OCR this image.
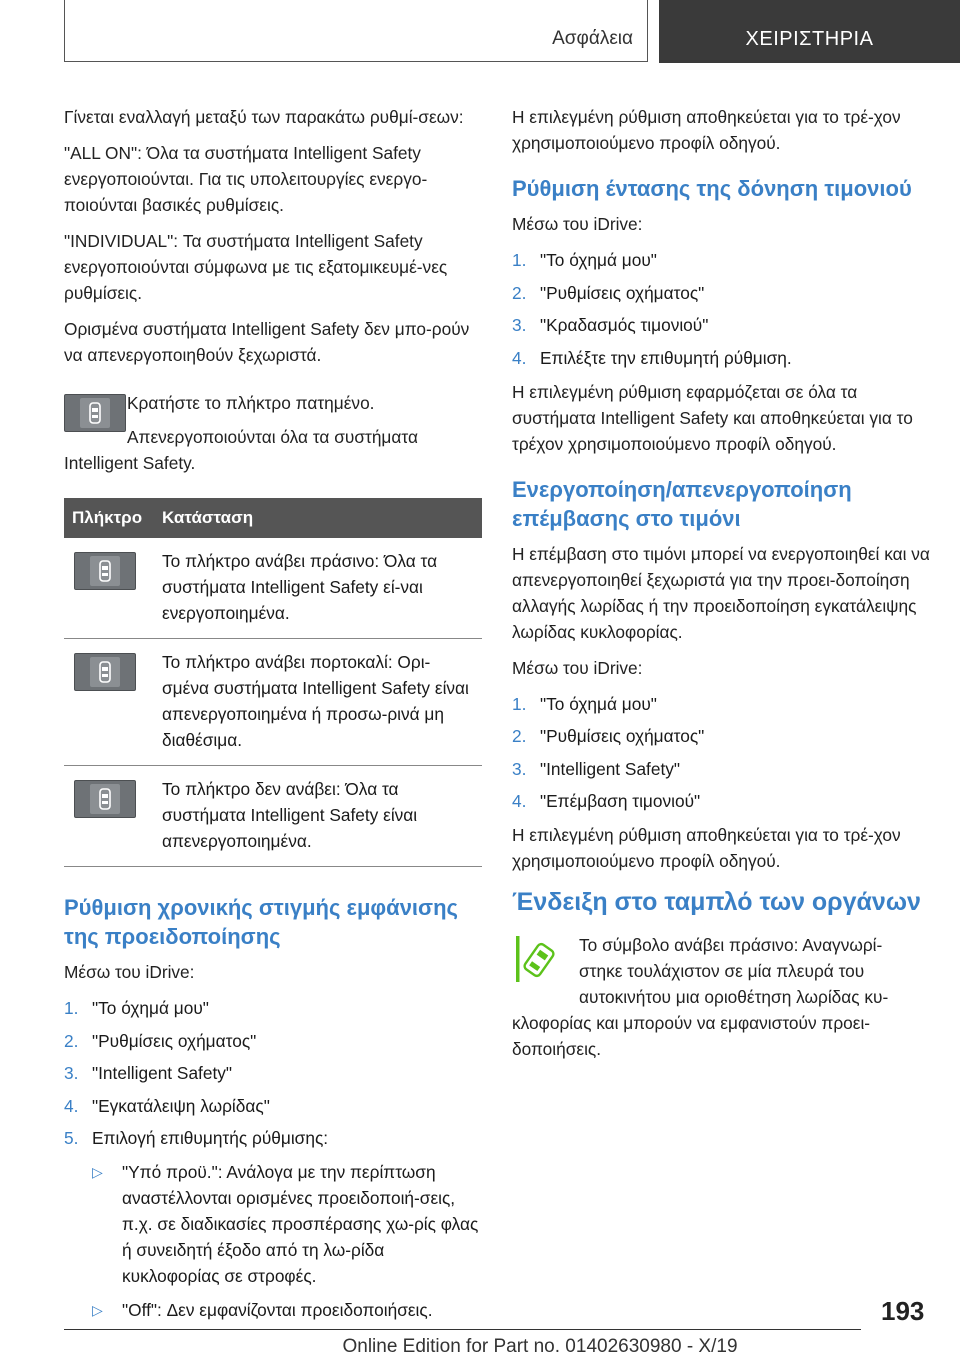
Ασφάλεια	ΧΕΙΡΙΣΤΗΡΙΑ

Γίνεται εναλλαγή μεταξύ των παρακάτω ρυθμί-σεων:

"ALL ON": Όλα τα συστήματα Intelligent Safety ενεργοποιούνται. Για τις υπολειτουργίες ενεργο-ποιούνται βασικές ρυθμίσεις.

"INDIVIDUAL": Τα συστήματα Intelligent Safety ενεργοποιούνται σύμφωνα με τις εξατομικευμέ-νες ρυθμίσεις.

Ορισμένα συστήματα Intelligent Safety δεν μπο-ρούν να απενεργοποιηθούν ξεχωριστά.

Κρατήστε το πλήκτρο πατημένο.

Απενεργοποιούνται όλα τα συστήματα

Intelligent Safety.

Πλήκτρο	Κατάσταση

	Το πλήκτρο ανάβει πράσινο: Όλα τα συστήματα Intelligent Safety εί-ναι ενεργοποιημένα.

	Το πλήκτρο ανάβει πορτοκαλί: Ορι-σμένα συστήματα Intelligent Safety είναι απενεργοποιημένα ή προσω-ρινά μη διαθέσιμα.

	Το πλήκτρο δεν ανάβει: Όλα τα συστήματα Intelligent Safety είναι απενεργοποιημένα.
Ρύθμιση χρονικής στιγμής εμφάνισης της προειδοποίησης

Μέσω του iDrive:

1. "Το όχημά μου"
2. "Ρυθμίσεις οχήματος"
3. "Intelligent Safety"
4. "Εγκατάλειψη λωρίδας"
5. Επιλογή επιθυμητής ρύθμισης:
▷	"Υπό προϋ.": Ανάλογα με την περίπτωση αναστέλλονται ορισμένες προειδοποιή-σεις, π.χ. σε διαδικασίες προσπέρασης χω-ρίς φλας ή συνειδητή έξοδο από τη λω-ρίδα κυκλοφορίας σε στροφές.
▷	"Off": Δεν εμφανίζονται προειδοποιήσεις.

Η επιλεγμένη ρύθμιση αποθηκεύεται για το τρέ-χον χρησιμοποιούμενο προφίλ οδηγού.

Ρύθμιση έντασης της δόνηση τιμονιού

Μέσω του iDrive:

1. "Το όχημά μου"
2. "Ρυθμίσεις οχήματος"
3. "Κραδασμός τιμονιού"
4. Επιλέξτε την επιθυμητή ρύθμιση.

Η επιλεγμένη ρύθμιση εφαρμόζεται σε όλα τα συστήματα Intelligent Safety και αποθηκεύεται για το τρέχον χρησιμοποιούμενο προφίλ οδηγού.

Ενεργοποίηση/απενεργοποίηση επέμβασης στο τιμόνι

Η επέμβαση στο τιμόνι μπορεί να ενεργοποιηθεί και να απενεργοποιηθεί ξεχωριστά για την προει-δοποίηση αλλαγής λωρίδας ή την προειδοποίηση εγκατάλειψης λωρίδας κυκλοφορίας.

Μέσω του iDrive:

1. "Το όχημά μου"
2. "Ρυθμίσεις οχήματος"
3. "Intelligent Safety"
4. "Επέμβαση τιμονιού"

Η επιλεγμένη ρύθμιση αποθηκεύεται για το τρέ-χον χρησιμοποιούμενο προφίλ οδηγού.

Ένδειξη στο ταμπλό των οργάνων

Το σύμβολο ανάβει πράσινο: Αναγνωρί-

στηκε τουλάχιστον σε μία πλευρά του

αυτοκινήτου μια οριοθέτηση λωρίδας κυ-

κλοφορίας και μπορούν να εμφανιστούν προει-δοποιήσεις.

193
Online Edition for Part no. 01402630980 - X/19
